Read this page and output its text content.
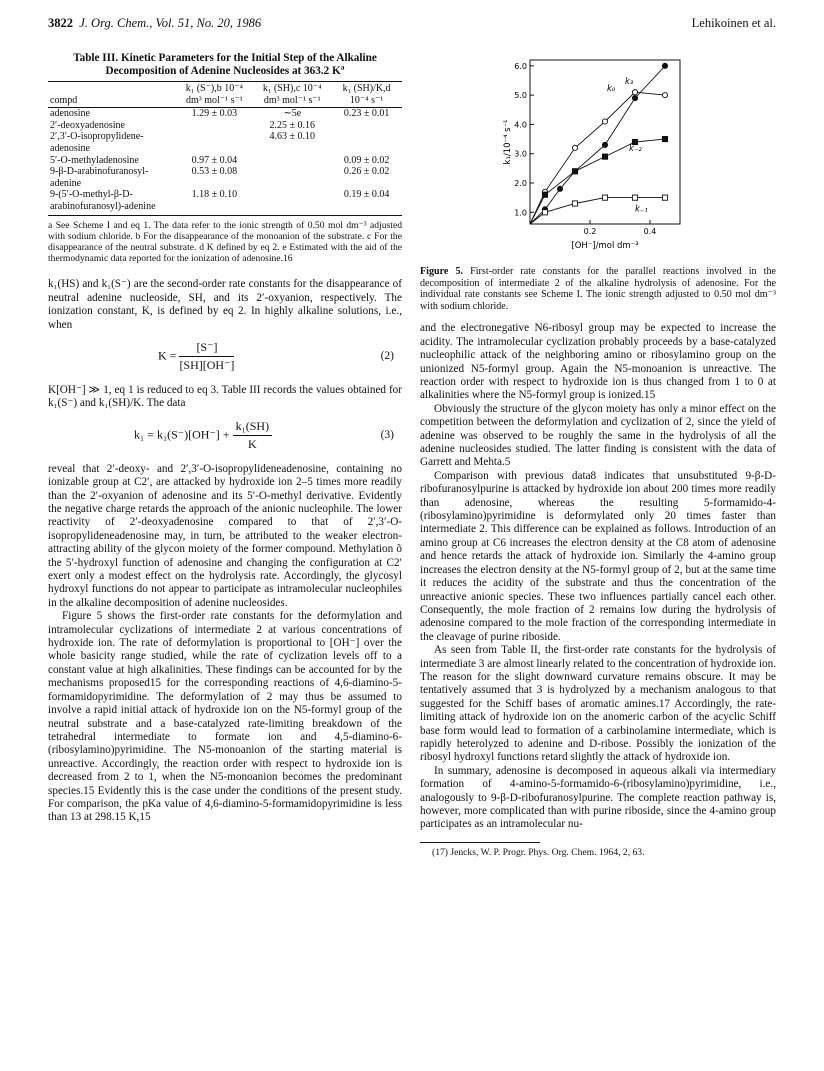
3822 J. Org. Chem., Vol. 51, No. 20, 1986	Lehikoinen et al.
Table III. Kinetic Parameters for the Initial Step of the Alkaline Decomposition of Adenine Nucleosides at 363.2 $K^a$
compd	k₁ (S⁻),b 10⁻⁴ dm³ mol⁻¹ s⁻¹	k₁ (SH),c 10⁻⁴ dm³ mol⁻¹ s⁻¹	k₁ (SH)/K,d 10⁻⁴ s⁻¹
adenosine	1.29 ± 0.03	∼5e	0.23 ± 0.01
2′-deoxyadenosine		2.25 ± 0.16	
2′,3′-O-isopropylidene-adenosine		4.63 ± 0.10	
5′-O-methyladenosine	0.97 ± 0.04		0.09 ± 0.02
9-β-D-arabinofuranosyl-adenine	0.53 ± 0.08		0.26 ± 0.02
9-(5′-O-methyl-β-D-arabinofuranosyl)-adenine	1.18 ± 0.10		0.19 ± 0.04
a See Scheme I and eq 1. The data refer to the ionic strength of 0.50 mol dm⁻³ adjusted with sodium chloride. b For the disappearance of the monoanion of the substrate. c For the disappearance of the neutral substrate. d K defined by eq 2. e Estimated with the aid of the thermodynamic data reported for the ionization of adenosine.16

k₁(HS) and k₁(S⁻) are the second-order rate constants for the disappearance of neutral adenine nucleoside, SH, and its 2′-oxyanion, respectively. The ionization constant, K, is defined by eq 2. In highly alkaline solutions, i.e., when

$K = \frac{[S^-]}{[SH][OH^-]}$	(2)

K[OH⁻] ≫ 1, eq 1 is reduced to eq 3. Table III records the values obtained for k₁(S⁻) and k₁(SH)/K. The data

$k_1 = k_1(S^-)[OH^-] + \frac{\text{k₁(SH)}}{K}$	(3)

reveal that 2′-deoxy- and 2′,3′-O-isopropylideneadenosine, containing no ionizable group at C2′, are attacked by hydroxide ion 2–5 times more readily than the 2′-oxyanion of adenosine and its 5′-O-methyl derivative. Evidently the negative charge retards the approach of the anionic nucleophile. The lower reactivity of 2′-deoxyadenosine compared to that of 2′,3′-O-isopropylideneadenosine may, in turn, be attributed to the weaker electron-attracting ability of the glycon moiety of the former compound. Methylation õ the 5′-hydroxyl function of adenosine and changing the configuration at C2′ exert only a modest effect on the hydrolysis rate. Accordingly, the glycosyl hydroxyl functions do not appear to participate as intramolecular nucleophiles in the alkaline decomposition of adenine nucleosides.

Figure 5 shows the first-order rate constants for the deformylation and intramolecular cyclizations of intermediate 2 at various concentrations of hydroxide ion. The rate of deformylation is proportional to [OH⁻] over the whole basicity range studied, while the rate of cyclization levels off to a constant value at high alkalinities. These findings can be accounted for by the mechanisms proposed15 for the corresponding reactions of 4,6-diamino-5-formamidopyrimidine. The deformylation of 2 may thus be assumed to involve a rapid initial attack of hydroxide ion on the N5-formyl group of the neutral substrate and a base-catalyzed rate-limiting breakdown of the tetrahedral intermediate to formate ion and 4,5-diamino-6-(ribosylamino)pyrimidine. The N5-monoanion of the starting material is unreactive. Accordingly, the reaction order with respect to hydroxide ion is decreased from 2 to 1, when the N5-monoanion becomes the predominant species.15 Evidently this is the case under the conditions of the present study. For comparison, the pKa value of 4,6-diamino-5-formamidopyrimidine is less than 13 at 298.15 K,15

1.0
2.0
3.0
4.0
5.0
6.0
0.2	0.4
k₁/10⁻⁴ s⁻¹
[OH⁻]/mol dm⁻³
k₀
k₃
k₋₂
k₋₁
Figure 5. First-order rate constants for the parallel reactions involved in the decomposition of intermediate 2 of the alkaline hydrolysis of adenosine. For the individual rate constants see Scheme I. The ionic strength adjusted to 0.50 mol dm⁻³ with sodium chloride.

and the electronegative N6-ribosyl group may be expected to increase the acidity. The intramolecular cyclization probably proceeds by a base-catalyzed nucleophilic attack of the neighboring amino or ribosylamino group on the unionized N5-formyl group. Again the N5-monoanion is unreactive. The reaction order with respect to hydroxide ion is thus changed from 1 to 0 at alkalinities where the N5-formyl group is ionized.15

Obviously the structure of the glycon moiety has only a minor effect on the competition between the deformylation and cyclization of 2, since the yield of adenine was observed to be roughly the same in the hydrolysis of all the adenine nucleosides studied. The latter finding is consistent with the data of Garrett and Mehta.5

Comparison with previous data8 indicates that unsubstituted 9-β-D-ribofuranosylpurine is attacked by hydroxide ion about 200 times more readily than adenosine, whereas the resulting 5-formamido-4-(ribosylamino)pyrimidine is deformylated only 20 times faster than intermediate 2. This difference can be explained as follows. Introduction of an amino group at C6 increases the electron density at the C8 atom of adenosine and hence retards the attack of hydroxide ion. Similarly the 4-amino group increases the electron density at the N5-formyl group of 2, but at the same time it reduces the acidity of the substrate and thus the concentration of the unreactive anionic species. These two influences partially cancel each other. Consequently, the mole fraction of 2 remains low during the hydrolysis of adenosine compared to the mole fraction of the corresponding intermediate in the cleavage of purine riboside.

As seen from Table II, the first-order rate constants for the hydrolysis of intermediate 3 are almost linearly related to the concentration of hydroxide ion. The reason for the slight downward curvature remains obscure. It may be tentatively assumed that 3 is hydrolyzed by a mechanism analogous to that suggested for the Schiff bases of aromatic amines.17 Accordingly, the rate-limiting attack of hydroxide ion on the anomeric carbon of the acyclic Schiff base form would lead to formation of a carbinolamine intermediate, which is rapidly heterolyzed to adenine and D-ribose. Possibly the ionization of the ribosyl hydroxyl functions retard slightly the attack of hydroxide ion.

In summary, adenosine is decomposed in aqueous alkali via intermediary formation of 4-amino-5-formamido-6-(ribosylamino)pyrimidine, i.e., analogously to 9-β-D-ribofuranosylpurine. The complete reaction pathway is, however, more complicated than with purine riboside, since the 4-amino group participates as an intramolecular nu-

(17) Jencks, W. P. Progr. Phys. Org. Chem. 1964, 2, 63.
